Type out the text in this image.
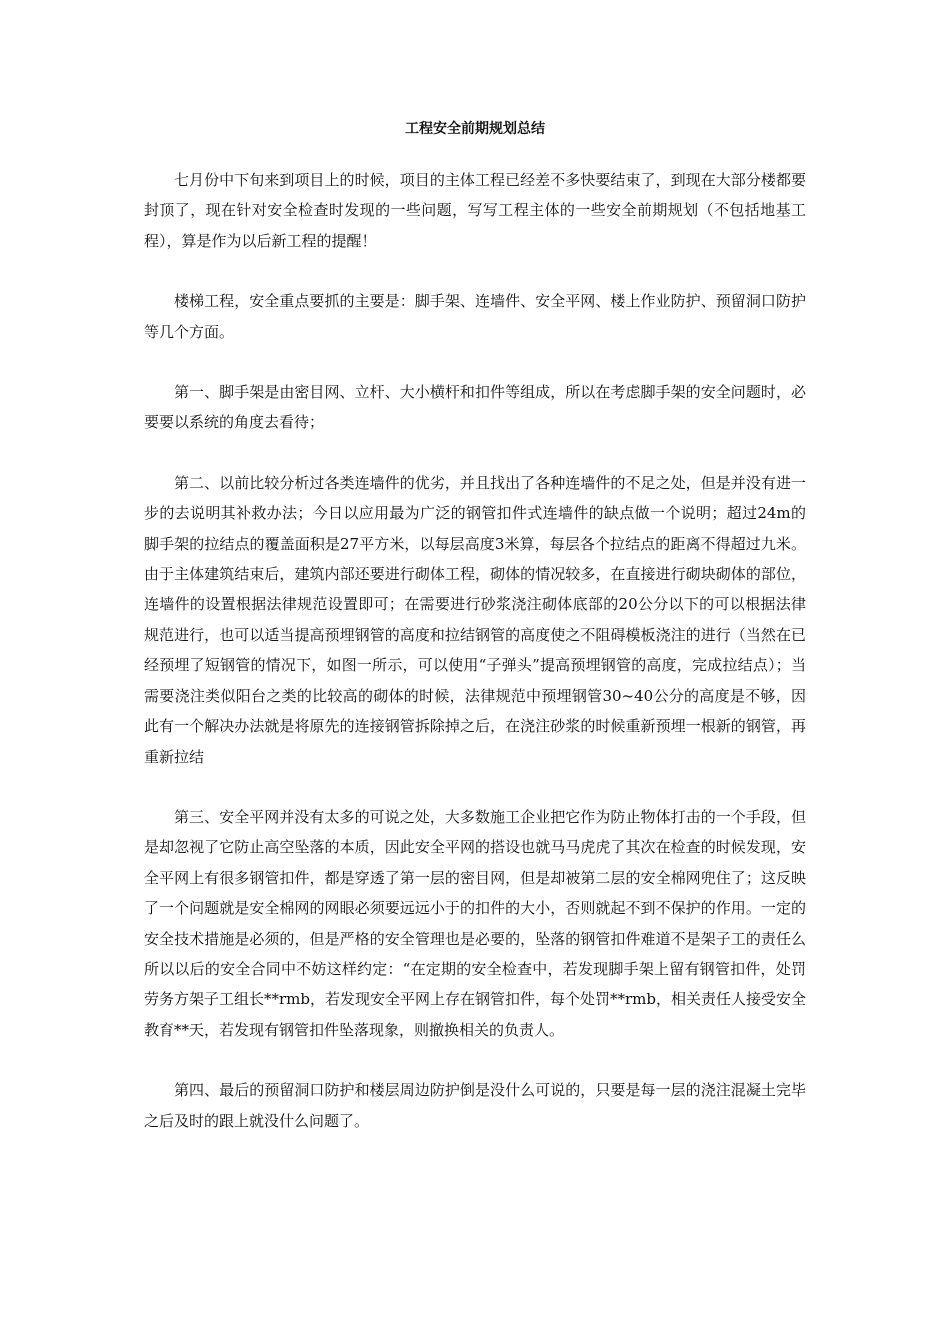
工程安全前期规划总结

七月份中下旬来到项目上的时候，项目的主体工程已经差不多快要结束了，到现在大部分楼都要封顶了，现在针对安全检查时发现的一些问题，写写工程主体的一些安全前期规划（不包括地基工程），算是作为以后新工程的提醒！

楼梯工程，安全重点要抓的主要是：脚手架、连墙件、安全平网、楼上作业防护、预留洞口防护等几个方面。

第一、脚手架是由密目网、立杆、大小横杆和扣件等组成，所以在考虑脚手架的安全问题时，必要要以系统的角度去看待；

第二、以前比较分析过各类连墙件的优劣，并且找出了各种连墙件的不足之处，但是并没有进一步的去说明其补救办法；今日以应用最为广泛的钢管扣件式连墙件的缺点做一个说明；超过24m的脚手架的拉结点的覆盖面积是27平方米，以每层高度3米算，每层各个拉结点的距离不得超过九米。由于主体建筑结束后，建筑内部还要进行砌体工程，砌体的情况较多，在直接进行砌块砌体的部位，连墙件的设置根据法律规范设置即可；在需要进行砂浆浇注砌体底部的20公分以下的可以根据法律规范进行，也可以适当提高预埋钢管的高度和拉结钢管的高度使之不阻碍模板浇注的进行（当然在已经预埋了短钢管的情况下，如图一所示，可以使用“子弹头”提高预埋钢管的高度，完成拉结点）；当需要浇注类似阳台之类的比较高的砌体的时候，法律规范中预埋钢管30~40公分的高度是不够，因此有一个解决办法就是将原先的连接钢管拆除掉之后，在浇注砂浆的时候重新预埋一根新的钢管，再重新拉结

第三、安全平网并没有太多的可说之处，大多数施工企业把它作为防止物体打击的一个手段，但是却忽视了它防止高空坠落的本质，因此安全平网的搭设也就马马虎虎了其次在检查的时候发现，安全平网上有很多钢管扣件，都是穿透了第一层的密目网，但是却被第二层的安全棉网兜住了；这反映了一个问题就是安全棉网的网眼必须要远远小于的扣件的大小，否则就起不到不保护的作用。一定的安全技术措施是必须的，但是严格的安全管理也是必要的，坠落的钢管扣件难道不是架子工的责任么所以以后的安全合同中不妨这样约定：“在定期的安全检查中，若发现脚手架上留有钢管扣件，处罚劳务方架子工组长**rmb，若发现安全平网上存在钢管扣件，每个处罚**rmb，相关责任人接受安全教育**天，若发现有钢管扣件坠落现象，则撤换相关的负责人。

第四、最后的预留洞口防护和楼层周边防护倒是没什么可说的，只要是每一层的浇注混凝土完毕之后及时的跟上就没什么问题了。
